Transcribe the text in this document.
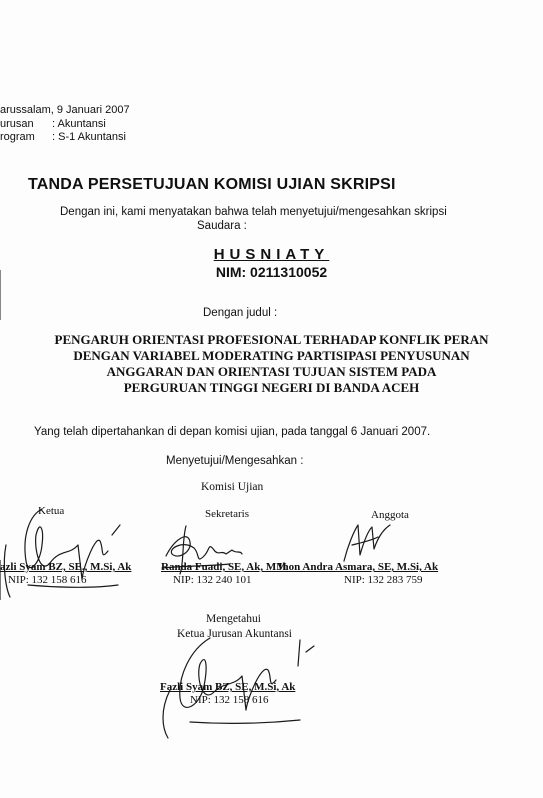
arussalam, 9 Januari 2007
urusan : Akuntansi
rogram : S-1 Akuntansi
TANDA PERSETUJUAN KOMISI UJIAN SKRIPSI
Dengan ini, kami menyatakan bahwa telah menyetujui/mengesahkan skripsi
Saudara :
HUSNIATY
NIM: 0211310052
Dengan judul :
PENGARUH ORIENTASI PROFESIONAL TERHADAP KONFLIK PERAN
DENGAN VARIABEL MODERATING PARTISIPASI PENYUSUNAN
ANGGARAN DAN ORIENTASI TUJUAN SISTEM PADA
PERGURUAN TINGGI NEGERI DI BANDA ACEH
Yang telah dipertahankan di depan komisi ujian, pada tanggal 6 Januari 2007.
Menyetujui/Mengesahkan :
Komisi Ujian
Ketua
azli Syam BZ, SE., M.Si, Ak
NIP: 132 158 616
Sekretaris
Randa Fuadi, SE, Ak, MM
NIP: 132 240 101
Anggota
Jhon Andra Asmara, SE, M.Si, Ak
NIP: 132 283 759
Mengetahui
Ketua Jurusan Akuntansi
Fazli Syam BZ, SE, M.Si, Ak
NIP: 132 158 616
